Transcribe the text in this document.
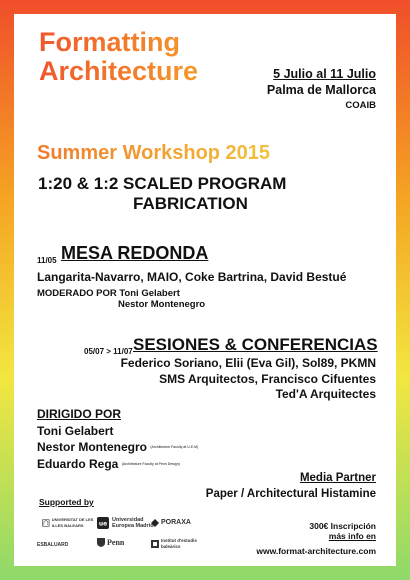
Formatting
Architecture	5 Julio al 11 Julio
Palma de Mallorca
COAIB
Summer Workshop 2015
1:20 & 1:2 SCALED PROGRAM
FABRICATION
11/05 MESA REDONDA
Langarita-Navarro, MAIO, Coke Bartrina, David Bestué
MODERADO POR Toni Gelabert
Nestor Montenegro
05/07 > 11/07 SESIONES & CONFERENCIAS
Federico Soriano, Elii (Eva Gil), Sol89, PKMN
SMS Arquitectos, Francisco Cifuentes
Ted'A Arquitectes
DIRIGIDO POR
Toni Gelabert
Nestor Montenegro $^{(Architecture Faculty at U.E.M)}$
Eduardo Rega $^{(Architecture Faculty at Penn Design)}$
Media Partner
Paper / Architectural Histamine
Supported by
UNIVERSITAT DE LES ILLES BALEARS	ue
Universidad
Europea Madrid PORAXA
ESBALUARD	Penn	Institut d'estudis
baleàrics
300€ Inscripción
más info en
www.format-architecture.com
